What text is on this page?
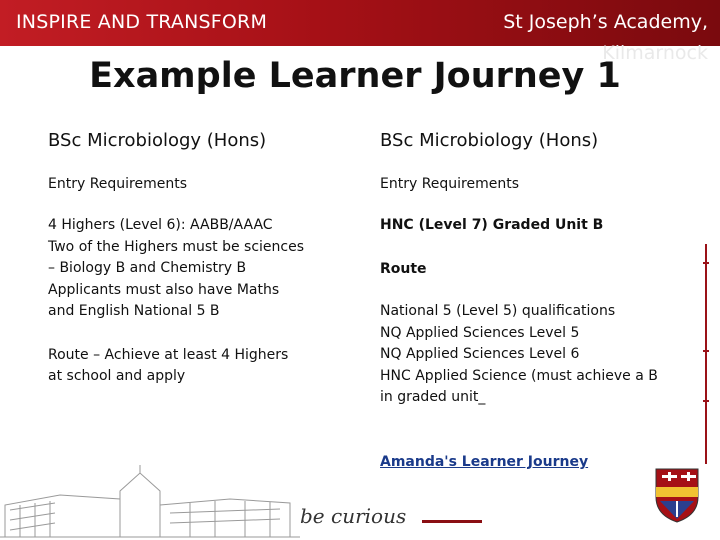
INSPIRE AND TRANSFORM	St Joseph’s Academy,
Kilmarnock
Example Learner Journey 1

BSc Microbiology (Hons)

Entry Requirements

4 Highers (Level 6): AABB/AAAC
Two of the Highers must be sciences
– Biology B and Chemistry B
Applicants must also have Maths
and English National 5 B

Route – Achieve at least 4 Highers
at school and apply

BSc Microbiology (Hons)

Entry Requirements

HNC (Level 7) Graded Unit B

Route

National 5 (Level 5) qualifications
NQ Applied Sciences Level 5
NQ Applied Sciences Level 6
HNC Applied Science (must achieve a B
in graded unit_

Amanda's Learner Journey

be curious
